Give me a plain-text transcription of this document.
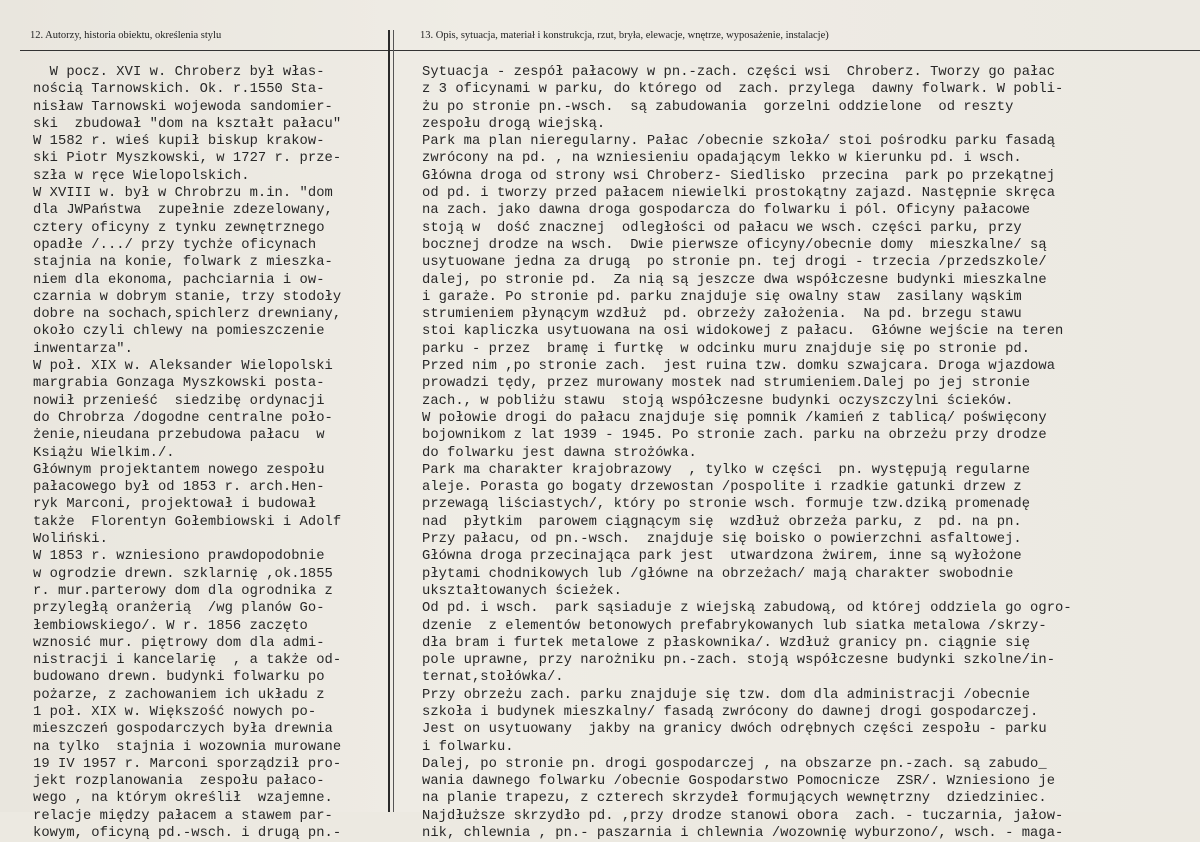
12. Autorzy, historia obiektu, określenia stylu	13. Opis, sytuacja, materiał i konstrukcja, rzut, bryła, elewacje, wnętrze, wyposażenie, instalacje)
W pocz. XVI w. Chroberz był włas-
nością Tarnowskich. Ok. r.1550 Sta-
nisław Tarnowski wojewoda sandomier-
ski  zbudował "dom na kształt pałacu"
W 1582 r. wieś kupił biskup krakow-
ski Piotr Myszkowski, w 1727 r. prze-
szła w ręce Wielopolskich.
W XVIII w. był w Chrobrzu m.in. "dom
dla JWPaństwa  zupełnie zdezelowany,
cztery oficyny z tynku zewnętrznego
opadłe /.../ przy tychże oficynach
stajnia na konie, folwark z mieszka-
niem dla ekonoma, pachciarnia i ow-
czarnia w dobrym stanie, trzy stodoły
dobre na sochach,spichlerz drewniany,
około czyli chlewy na pomieszczenie
inwentarza".
W poł. XIX w. Aleksander Wielopolski
margrabia Gonzaga Myszkowski posta-
nowił przenieść  siedzibę ordynacji
do Chrobrza /dogodne centralne poło-
żenie,nieudana przebudowa pałacu  w
Książu Wielkim./.
Głównym projektantem nowego zespołu
pałacowego był od 1853 r. arch.Hen-
ryk Marconi, projektował i budował
także  Florentyn Gołembiowski i Adolf
Woliński.
W 1853 r. wzniesiono prawdopodobnie
w ogrodzie drewn. szklarnię ,ok.1855
r. mur.parterowy dom dla ogrodnika z
przyległą oranżerią  /wg planów Go-
łembiowskiego/. W r. 1856 zaczęto
wznosić mur. piętrowy dom dla admi-
nistracji i kancelarię  , a także od-
budowano drewn. budynki folwarku po
pożarze, z zachowaniem ich układu z
1 poł. XIX w. Większość nowych po-
mieszczeń gospodarczych była drewnia
na tylko  stajnia i wozownia murowane
19 IV 1957 r. Marconi sporządził pro-
jekt rozplanowania  zespołu pałaco-
wego , na którym określił  wzajemne.
relacje między pałacem a stawem par-
kowym, oficyną pd.-wsch. i drugą pn.-
Sytuacja - zespół pałacowy w pn.-zach. części wsi  Chroberz. Tworzy go pałac
z 3 oficynami w parku, do którego od  zach. przylega  dawny folwark. W pobli-
żu po stronie pn.-wsch.  są zabudowania  gorzelni oddzielone  od reszty
zespołu drogą wiejską.
Park ma plan nieregularny. Pałac /obecnie szkoła/ stoi pośrodku parku fasadą
zwrócony na pd. , na wzniesieniu opadającym lekko w kierunku pd. i wsch.
Główna droga od strony wsi Chroberz- Siedlisko  przecina  park po przekątnej
od pd. i tworzy przed pałacem niewielki prostokątny zajazd. Następnie skręca
na zach. jako dawna droga gospodarcza do folwarku i pól. Oficyny pałacowe
stoją w  dość znacznej  odległości od pałacu we wsch. części parku, przy
bocznej drodze na wsch.  Dwie pierwsze oficyny/obecnie domy  mieszkalne/ są
usytuowane jedna za drugą  po stronie pn. tej drogi - trzecia /przedszkole/
dalej, po stronie pd.  Za nią są jeszcze dwa współczesne budynki mieszkalne
i garaże. Po stronie pd. parku znajduje się owalny staw  zasilany wąskim
strumieniem płynącym wzdłuż  pd. obrzeży założenia.  Na pd. brzegu stawu
stoi kapliczka usytuowana na osi widokowej z pałacu.  Główne wejście na teren
parku - przez  bramę i furtkę  w odcinku muru znajduje się po stronie pd.
Przed nim ,po stronie zach.  jest ruina tzw. domku szwajcara. Droga wjazdowa
prowadzi tędy, przez murowany mostek nad strumieniem.Dalej po jej stronie
zach., w pobliżu stawu  stoją współczesne budynki oczyszczylni ścieków.
W połowie drogi do pałacu znajduje się pomnik /kamień z tablicą/ poświęcony
bojownikom z lat 1939 - 1945. Po stronie zach. parku na obrzeżu przy drodze
do folwarku jest dawna strożówka.
Park ma charakter krajobrazowy  , tylko w części  pn. występują regularne
aleje. Porasta go bogaty drzewostan /pospolite i rzadkie gatunki drzew z
przewagą liściastych/, który po stronie wsch. formuje tzw.dziką promenadę
nad  płytkim  parowem ciągnącym się  wzdłuż obrzeża parku, z  pd. na pn.
Przy pałacu, od pn.-wsch.  znajduje się boisko o powierzchni asfaltowej.
Główna droga przecinająca park jest  utwardzona żwirem, inne są wyłożone
płytami chodnikowych lub /główne na obrzeżach/ mają charakter swobodnie
ukształtowanych ścieżek.
Od pd. i wsch.  park sąsiaduje z wiejską zabudową, od której oddziela go ogro-
dzenie  z elementów betonowych prefabrykowanych lub siatka metalowa /skrzy-
dła bram i furtek metalowe z płaskownika/. Wzdłuż granicy pn. ciągnie się
pole uprawne, przy narożniku pn.-zach. stoją współczesne budynki szkolne/in-
ternat,stołówka/.
Przy obrzeżu zach. parku znajduje się tzw. dom dla administracji /obecnie
szkoła i budynek mieszkalny/ fasadą zwrócony do dawnej drogi gospodarczej.
Jest on usytuowany  jakby na granicy dwóch odrębnych części zespołu - parku
i folwarku.
Dalej, po stronie pn. drogi gospodarczej , na obszarze pn.-zach. są zabudo_
wania dawnego folwarku /obecnie Gospodarstwo Pomocnicze  ZSR/. Wzniesiono je
na planie trapezu, z czterech skrzydeł formujących wewnętrzny  dziedziniec.
Najdłuższe skrzydło pd. ,przy drodze stanowi obora  zach. - tuczarnia, jałow-
nik, chlewnia , pn.- paszarnia i chlewnia /wozownię wyburzono/, wsch. - maga-
